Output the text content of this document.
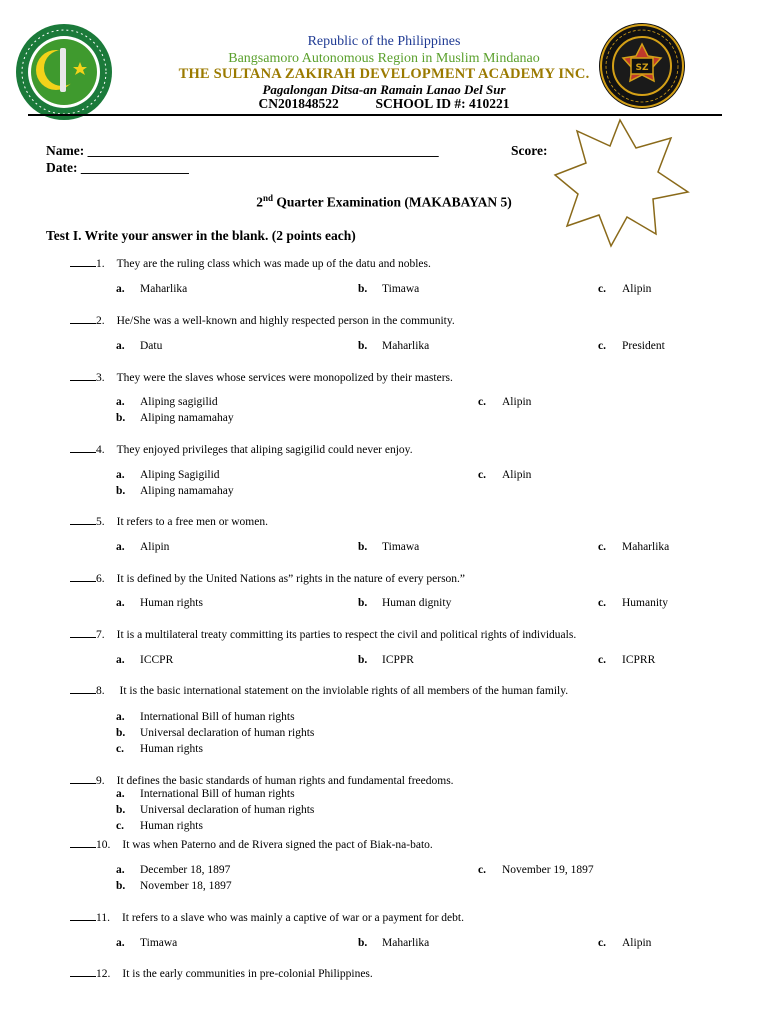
SZ
Republic of the Philippines
Bangsamoro Autonomous Region in Muslim Mindanao
THE SULTANA ZAKIRAH DEVELOPMENT ACADEMY INC.
Pagalongan Ditsa-an Ramain Lanao Del Sur
CN201848522	SCHOOL ID #: 410221
Name: ____________________________________________________
Date: ________________
Score:
2nd Quarter Examination (MAKABAYAN 5)
Test I. Write your answer in the blank. (2 points each)
1. They are the ruling class which was made up of the datu and nobles.
a. Maharlika	b. Timawa	c. Alipin
2. He/She was a well-known and highly respected person in the community.
a. Datu	b. Maharlika	c. President
3. They were the slaves whose services were monopolized by their masters.
a. Aliping sagigilid	c. Alipin
b. Aliping namamahay
4. They enjoyed privileges that aliping sagigilid could never enjoy.
a. Aliping Sagigilid	c. Alipin
b. Aliping namamahay
5. It refers to a free men or women.
a. Alipin	b. Timawa	c. Maharlika
6. It is defined by the United Nations as” rights in the nature of every person.”
a. Human rights	b. Human dignity	c. Humanity
7. It is a multilateral treaty committing its parties to respect the civil and political rights of individuals.
a. ICCPR	b. ICPPR	c. ICPRR
8. It is the basic international statement on the inviolable rights of all members of the human family.
a. International Bill of human rights
b. Universal declaration of human rights
c. Human rights
9. It defines the basic standards of human rights and fundamental freedoms.
a. International Bill of human rights
b. Universal declaration of human rights
c. Human rights
10. It was when Paterno and de Rivera signed the pact of Biak-na-bato.
a. December 18, 1897	c. November 19, 1897
b. November 18, 1897
11. It refers to a slave who was mainly a captive of war or a payment for debt.
a. Timawa	b. Maharlika	c. Alipin
12. It is the early communities in pre-colonial Philippines.
